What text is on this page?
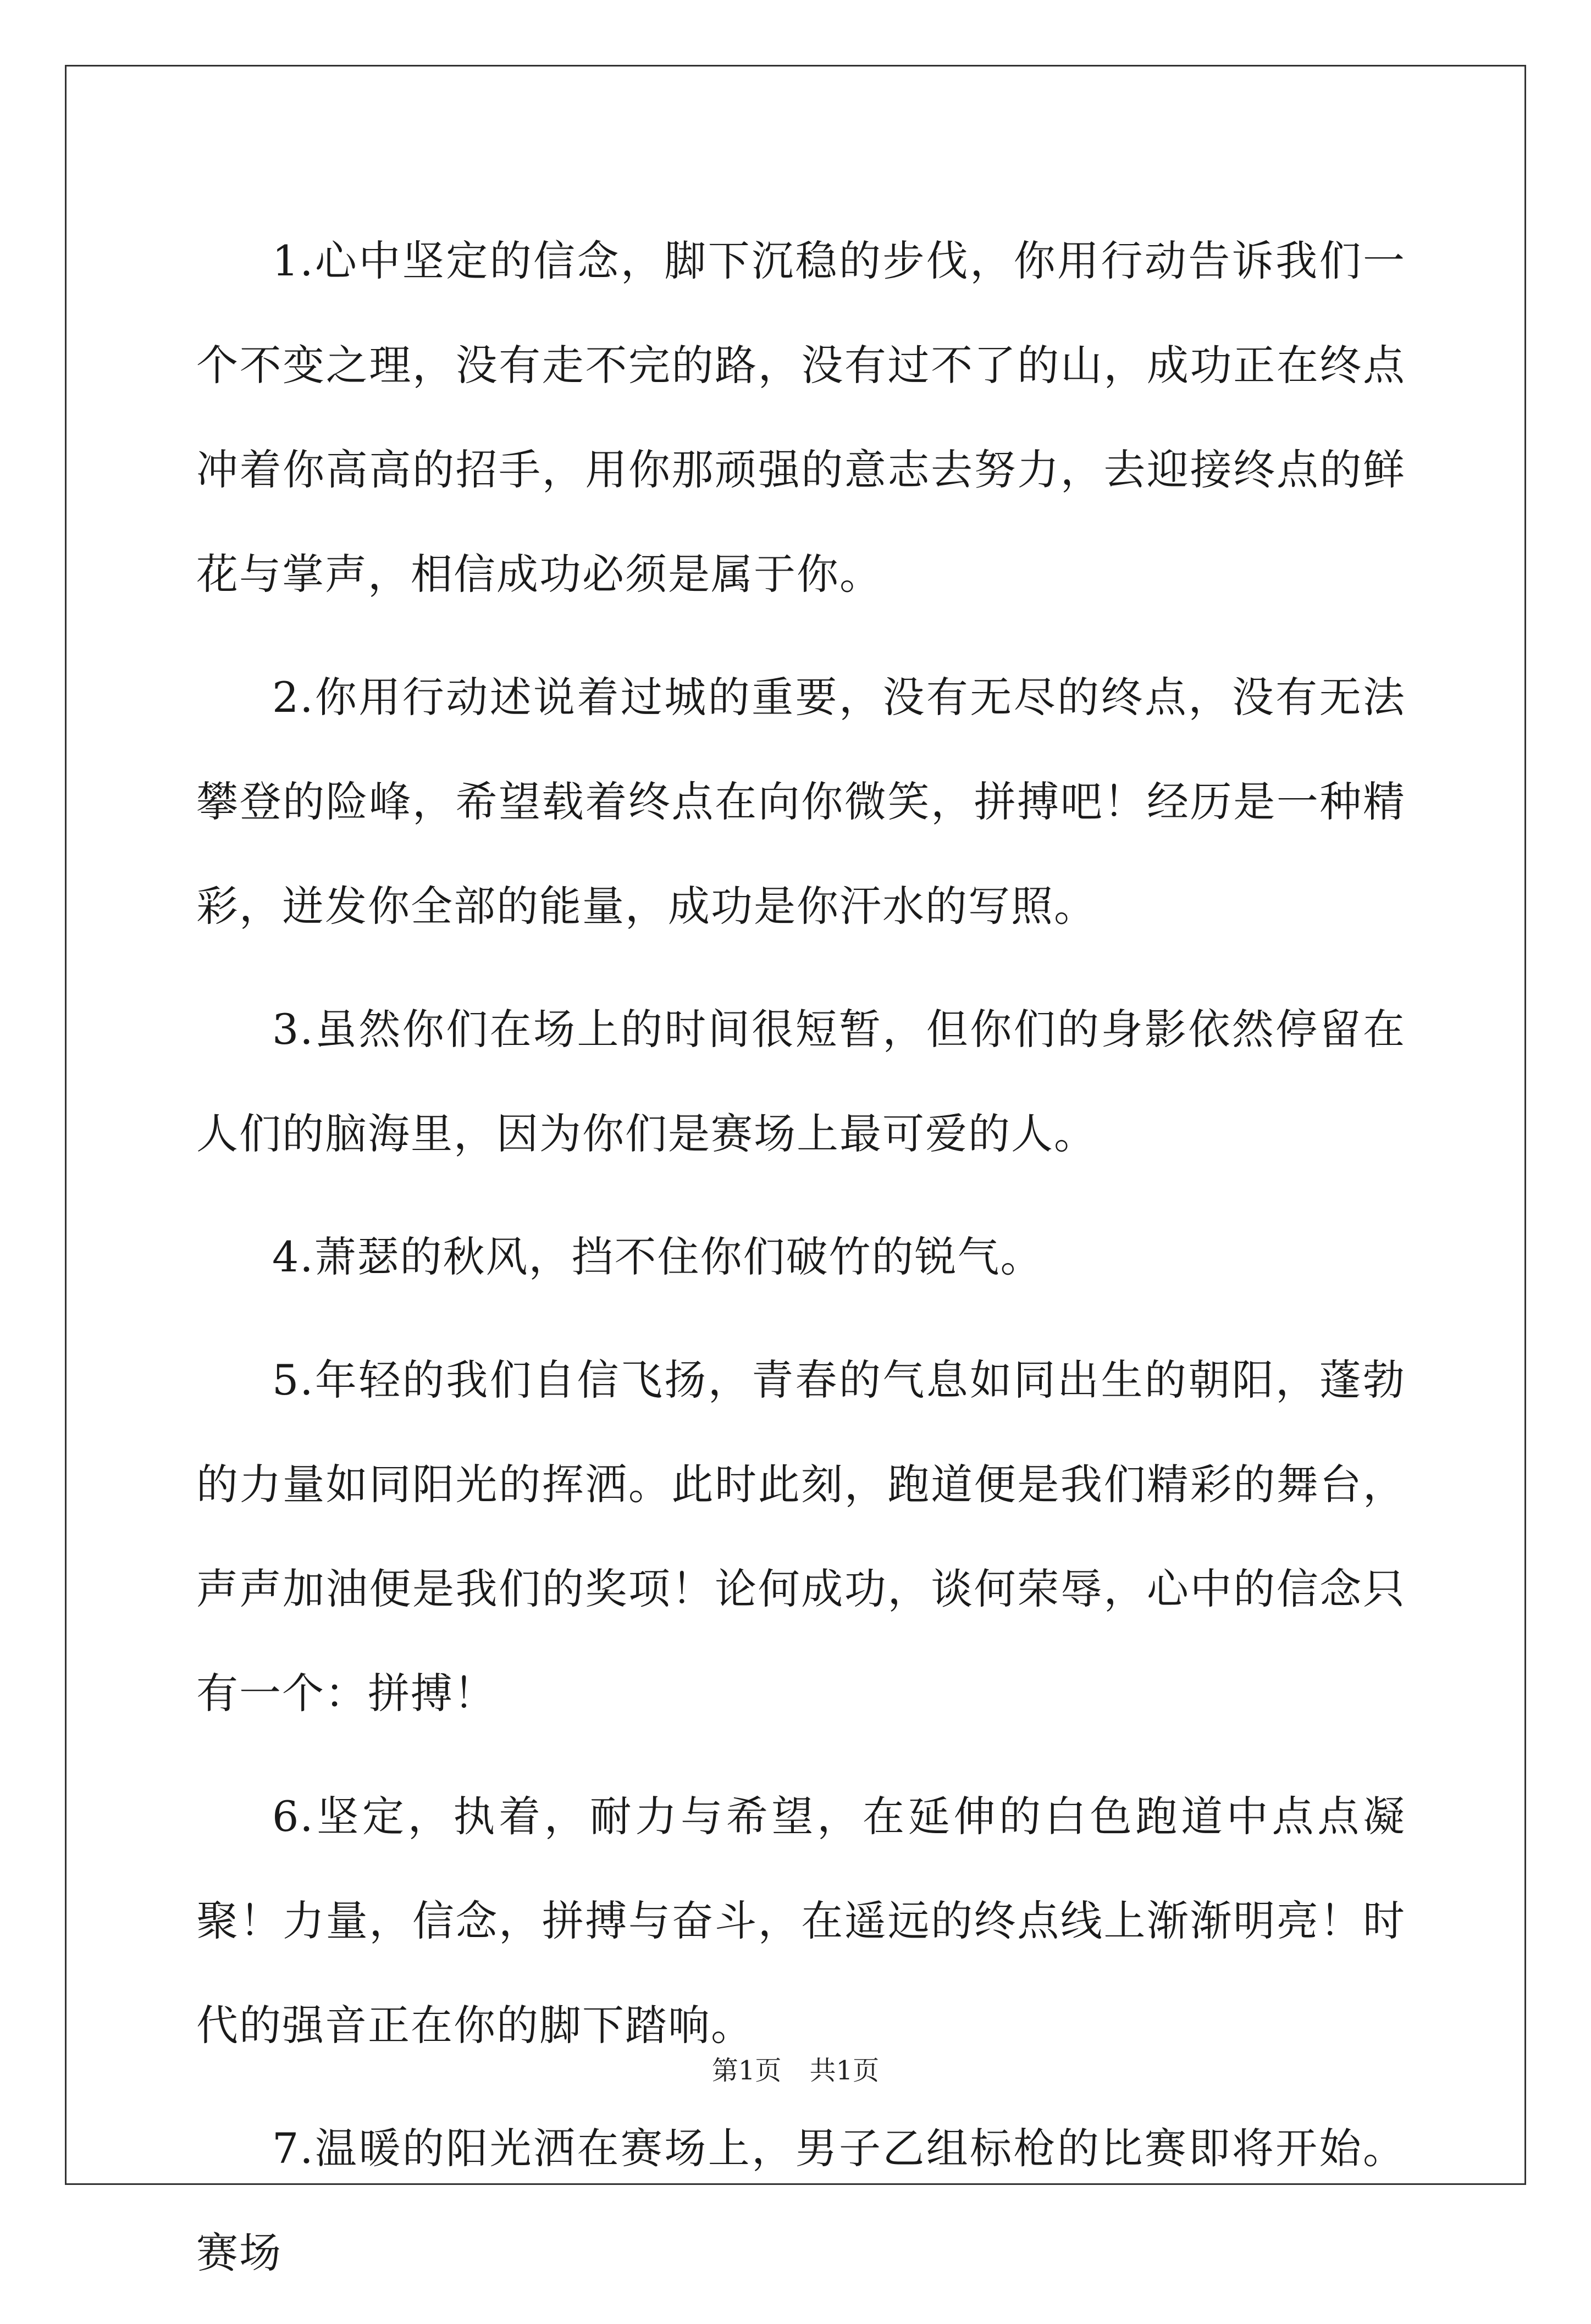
1.心中坚定的信念，脚下沉稳的步伐，你用行动告诉我们一个不变之理，没有走不完的路，没有过不了的山，成功正在终点冲着你高高的招手，用你那顽强的意志去努力，去迎接终点的鲜花与掌声，相信成功必须是属于你。

2.你用行动述说着过城的重要，没有无尽的终点，没有无法攀登的险峰，希望载着终点在向你微笑，拼搏吧！经历是一种精彩，迸发你全部的能量，成功是你汗水的写照。

3.虽然你们在场上的时间很短暂，但你们的身影依然停留在人们的脑海里，因为你们是赛场上最可爱的人。

4.萧瑟的秋风，挡不住你们破竹的锐气。

5.年轻的我们自信飞扬，青春的气息如同出生的朝阳，蓬勃的力量如同阳光的挥洒。此时此刻，跑道便是我们精彩的舞台，声声加油便是我们的奖项！论何成功，谈何荣辱，心中的信念只有一个：拼搏！

6.坚定，执着，耐力与希望，在延伸的白色跑道中点点凝聚！力量，信念，拼搏与奋斗，在遥远的终点线上渐渐明亮！时代的强音正在你的脚下踏响。

7.温暖的阳光洒在赛场上，男子乙组标枪的比赛即将开始。赛场

第1页 共1页
